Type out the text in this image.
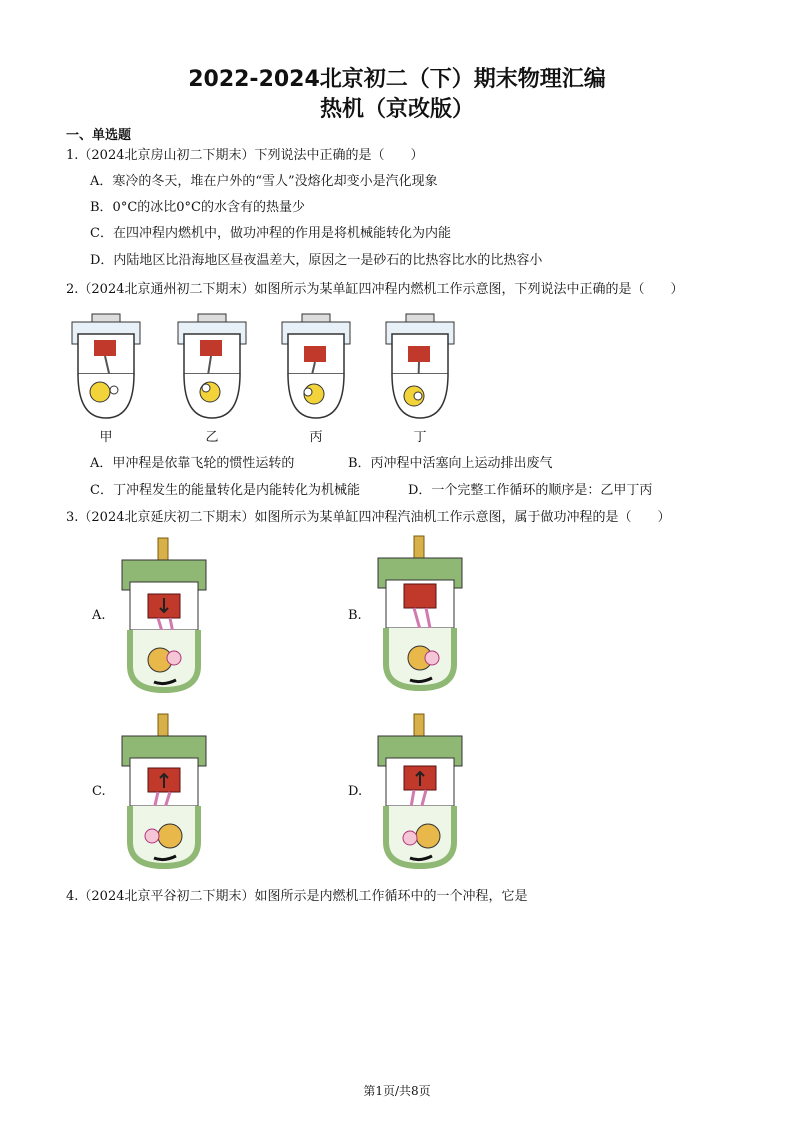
2022-2024北京初二（下）期末物理汇编
热机（京改版）
一、单选题
1.（2024北京房山初二下期末）下列说法中正确的是（　　）
A．寒冷的冬天，堆在户外的“雪人”没熔化却变小是汽化现象
B．0°C的冰比0°C的水含有的热量少
C．在四冲程内燃机中，做功冲程的作用是将机械能转化为内能
D．内陆地区比沿海地区昼夜温差大，原因之一是砂石的比热容比水的比热容小
2.（2024北京通州初二下期末）如图所示为某单缸四冲程内燃机工作示意图，下列说法中正确的是（　　）
甲	乙	丙	丁
A．甲冲程是依靠飞轮的惯性运转的	B．丙冲程中活塞向上运动排出废气
C．丁冲程发生的能量转化是内能转化为机械能	D．一个完整工作循环的顺序是：乙甲丁丙
3.（2024北京延庆初二下期末）如图所示为某单缸四冲程汽油机工作示意图，属于做功冲程的是（　　）
A.	B.
C.	D.
4.（2024北京平谷初二下期末）如图所示是内燃机工作循环中的一个冲程，它是
第1页/共8页
